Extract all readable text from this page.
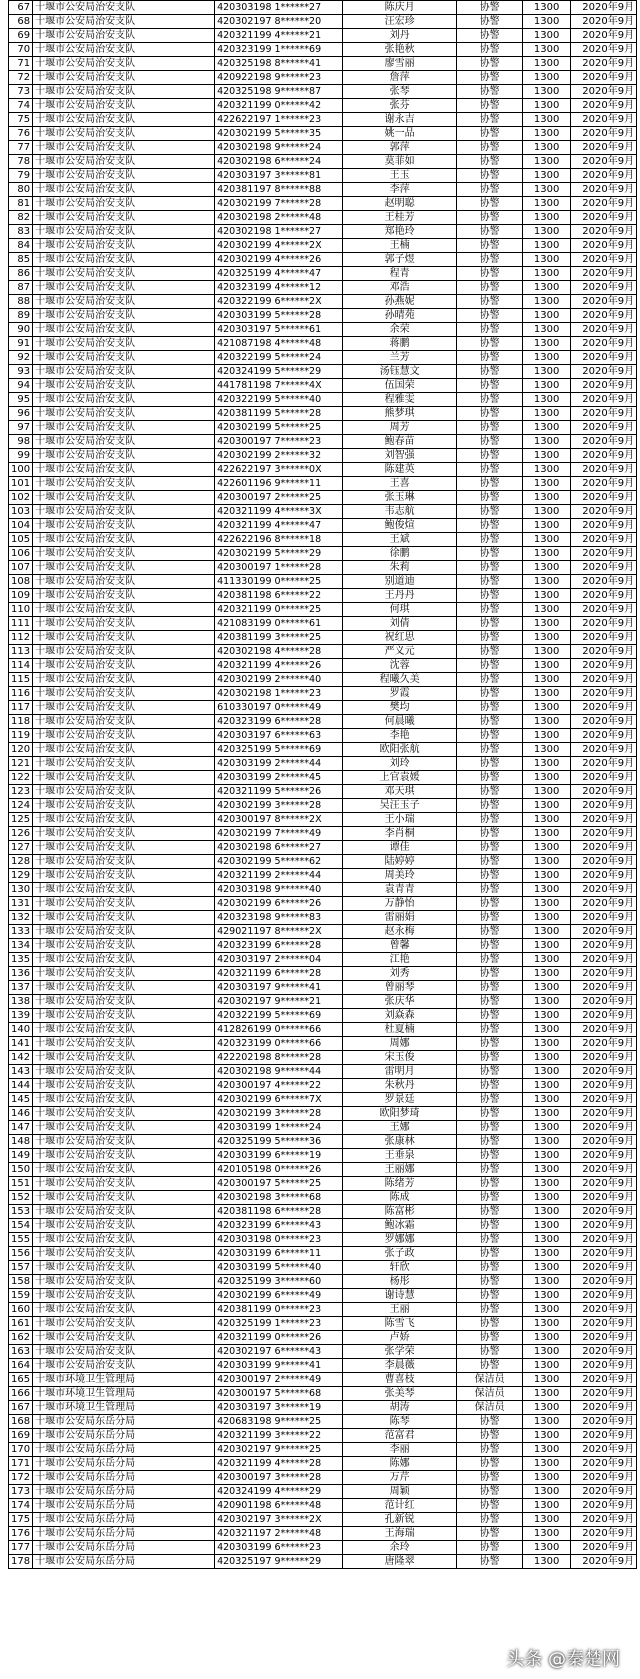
67	十堰市公安局治安支队	420303198 1******27	陈庆月	协警	1300	2020年9月
68	十堰市公安局治安支队	420302197 8******20	汪宏珍	协警	1300	2020年9月
69	十堰市公安局治安支队	420321199 4******21	刘丹	协警	1300	2020年9月
70	十堰市公安局治安支队	420323199 1******69	张艳秋	协警	1300	2020年9月
71	十堰市公安局治安支队	420325198 8******41	廖雪丽	协警	1300	2020年9月
72	十堰市公安局治安支队	420922198 9******23	詹萍	协警	1300	2020年9月
73	十堰市公安局治安支队	420325198 9******87	张琴	协警	1300	2020年9月
74	十堰市公安局治安支队	420321199 0******42	张芬	协警	1300	2020年9月
75	十堰市公安局治安支队	422622197 1******23	谢永吉	协警	1300	2020年9月
76	十堰市公安局治安支队	420302199 5******35	姚一品	协警	1300	2020年9月
77	十堰市公安局治安支队	420302198 9******24	郭萍	协警	1300	2020年9月
78	十堰市公安局治安支队	420302198 6******24	莫菲如	协警	1300	2020年9月
79	十堰市公安局治安支队	420303197 3******81	王玉	协警	1300	2020年9月
80	十堰市公安局治安支队	420381197 8******88	李萍	协警	1300	2020年9月
81	十堰市公安局治安支队	420302199 7******28	赵明聪	协警	1300	2020年9月
82	十堰市公安局治安支队	420302198 2******48	王桂芳	协警	1300	2020年9月
83	十堰市公安局治安支队	420302198 1******27	郑艳玲	协警	1300	2020年9月
84	十堰市公安局治安支队	420302199 4******2X	王楠	协警	1300	2020年9月
85	十堰市公安局治安支队	420302199 4******26	郭子煜	协警	1300	2020年9月
86	十堰市公安局治安支队	420325199 4******47	程青	协警	1300	2020年9月
87	十堰市公安局治安支队	420323199 4******12	邓浩	协警	1300	2020年9月
88	十堰市公安局治安支队	420322199 6******2X	孙燕妮	协警	1300	2020年9月
89	十堰市公安局治安支队	420303199 5******28	孙晴苑	协警	1300	2020年9月
90	十堰市公安局治安支队	420303197 5******61	余荣	协警	1300	2020年9月
91	十堰市公安局治安支队	421087198 4******48	蒋鹏	协警	1300	2020年9月
92	十堰市公安局治安支队	420322199 5******24	兰芳	协警	1300	2020年9月
93	十堰市公安局治安支队	420324199 5******29	汤钰慧文	协警	1300	2020年9月
94	十堰市公安局治安支队	441781198 7******4X	伍国荣	协警	1300	2020年9月
95	十堰市公安局治安支队	420322199 5******40	程雅雯	协警	1300	2020年9月
96	十堰市公安局治安支队	420381199 5******28	熊梦琪	协警	1300	2020年9月
97	十堰市公安局治安支队	420302199 5******25	周芳	协警	1300	2020年9月
98	十堰市公安局治安支队	420300197 7******23	鲍春苗	协警	1300	2020年9月
99	十堰市公安局治安支队	420302199 2******32	刘智强	协警	1300	2020年9月
100	十堰市公安局治安支队	422622197 3******0X	陈建英	协警	1300	2020年9月
101	十堰市公安局治安支队	422601196 9******11	王喜	协警	1300	2020年9月
102	十堰市公安局治安支队	420300197 2******25	张玉琳	协警	1300	2020年9月
103	十堰市公安局治安支队	420321199 4******3X	韦志航	协警	1300	2020年9月
104	十堰市公安局治安支队	420321199 4******47	鲍俊煊	协警	1300	2020年9月
105	十堰市公安局治安支队	422622196 8******18	王斌	协警	1300	2020年9月
106	十堰市公安局治安支队	420302199 5******29	徐鹏	协警	1300	2020年9月
107	十堰市公安局治安支队	420300197 1******28	朱莉	协警	1300	2020年9月
108	十堰市公安局治安支队	411330199 0******25	别道迪	协警	1300	2020年9月
109	十堰市公安局治安支队	420381198 6******22	王丹丹	协警	1300	2020年9月
110	十堰市公安局治安支队	420321199 0******25	何琪	协警	1300	2020年9月
111	十堰市公安局治安支队	421083199 0******61	刘倩	协警	1300	2020年9月
112	十堰市公安局治安支队	420381199 3******25	祝红思	协警	1300	2020年9月
113	十堰市公安局治安支队	420302198 4******28	严义元	协警	1300	2020年9月
114	十堰市公安局治安支队	420321199 4******26	沈蓉	协警	1300	2020年9月
115	十堰市公安局治安支队	420302199 2******40	程曦久美	协警	1300	2020年9月
116	十堰市公安局治安支队	420302198 1******23	罗霞	协警	1300	2020年9月
117	十堰市公安局治安支队	610330197 0******49	樊均	协警	1300	2020年9月
118	十堰市公安局治安支队	420323199 6******28	何晨曦	协警	1300	2020年9月
119	十堰市公安局治安支队	420303197 6******63	李艳	协警	1300	2020年9月
120	十堰市公安局治安支队	420325199 5******69	欧阳张航	协警	1300	2020年9月
121	十堰市公安局治安支队	420303199 2******44	刘玲	协警	1300	2020年9月
122	十堰市公安局治安支队	420303199 2******45	上官袁媛	协警	1300	2020年9月
123	十堰市公安局治安支队	420321199 5******26	邓天琪	协警	1300	2020年9月
124	十堰市公安局治安支队	420302199 3******28	吴汪玉子	协警	1300	2020年9月
125	十堰市公安局治安支队	420300197 8******2X	王小瑞	协警	1300	2020年9月
126	十堰市公安局治安支队	420302199 7******49	李肖桐	协警	1300	2020年9月
127	十堰市公安局治安支队	420302198 6******27	谭佳	协警	1300	2020年9月
128	十堰市公安局治安支队	420302199 5******62	陆婷婷	协警	1300	2020年9月
129	十堰市公安局治安支队	420321199 2******44	周美玲	协警	1300	2020年9月
130	十堰市公安局治安支队	420303198 9******40	袁青青	协警	1300	2020年9月
131	十堰市公安局治安支队	420302199 6******26	万静怡	协警	1300	2020年9月
132	十堰市公安局治安支队	420323198 9******83	雷丽娟	协警	1300	2020年9月
133	十堰市公安局治安支队	429021197 8******2X	赵永梅	协警	1300	2020年9月
134	十堰市公安局治安支队	420323199 6******28	曾馨	协警	1300	2020年9月
135	十堰市公安局治安支队	420303197 2******04	江艳	协警	1300	2020年9月
136	十堰市公安局治安支队	420321199 6******28	刘秀	协警	1300	2020年9月
137	十堰市公安局治安支队	420303197 9******41	曾丽琴	协警	1300	2020年9月
138	十堰市公安局治安支队	420302197 9******21	张庆华	协警	1300	2020年9月
139	十堰市公安局治安支队	420322199 5******69	刘焱森	协警	1300	2020年9月
140	十堰市公安局治安支队	412826199 0******66	杜夏楠	协警	1300	2020年9月
141	十堰市公安局治安支队	420323199 0******66	周娜	协警	1300	2020年9月
142	十堰市公安局治安支队	422202198 8******28	宋玉俊	协警	1300	2020年9月
143	十堰市公安局治安支队	420302198 9******44	雷明月	协警	1300	2020年9月
144	十堰市公安局治安支队	420300197 4******22	朱秋丹	协警	1300	2020年9月
145	十堰市公安局治安支队	420302199 6******7X	罗景廷	协警	1300	2020年9月
146	十堰市公安局治安支队	420302199 3******28	欧阳梦琦	协警	1300	2020年9月
147	十堰市公安局治安支队	420303199 1******24	王娜	协警	1300	2020年9月
148	十堰市公安局治安支队	420325199 5******36	张康林	协警	1300	2020年9月
149	十堰市公安局治安支队	420303199 6******19	王垂泉	协警	1300	2020年9月
150	十堰市公安局治安支队	420105198 0******26	王丽娜	协警	1300	2020年9月
151	十堰市公安局治安支队	420300197 5******25	陈绪芳	协警	1300	2020年9月
152	十堰市公安局治安支队	420302198 3******68	陈成	协警	1300	2020年9月
153	十堰市公安局治安支队	420381198 6******28	陈富彬	协警	1300	2020年9月
154	十堰市公安局治安支队	420323199 6******43	鲍冰霜	协警	1300	2020年9月
155	十堰市公安局治安支队	420303198 0******23	罗娜娜	协警	1300	2020年9月
156	十堰市公安局治安支队	420303199 6******11	张子政	协警	1300	2020年9月
157	十堰市公安局治安支队	420303199 5******40	轩欣	协警	1300	2020年9月
158	十堰市公安局治安支队	420325199 3******60	杨彤	协警	1300	2020年9月
159	十堰市公安局治安支队	420302199 6******49	谢诗慧	协警	1300	2020年9月
160	十堰市公安局治安支队	420381199 0******23	王丽	协警	1300	2020年9月
161	十堰市公安局治安支队	420325199 1******23	陈雪飞	协警	1300	2020年9月
162	十堰市公安局治安支队	420321199 0******26	卢娇	协警	1300	2020年9月
163	十堰市公安局治安支队	420302197 6******43	张学荣	协警	1300	2020年9月
164	十堰市公安局治安支队	420303199 9******41	李晨薇	协警	1300	2020年9月
165	十堰市环境卫生管理局	420300197 2******49	曹喜枝	保洁员	1300	2020年9月
166	十堰市环境卫生管理局	420300197 5******68	张美琴	保洁员	1300	2020年9月
167	十堰市环境卫生管理局	420303197 3******19	胡涛	保洁员	1300	2020年9月
168	十堰市公安局东岳分局	420683198 9******25	陈琴	协警	1300	2020年9月
169	十堰市公安局东岳分局	420321199 3******22	范富君	协警	1300	2020年9月
170	十堰市公安局东岳分局	420302197 9******25	李丽	协警	1300	2020年9月
171	十堰市公安局东岳分局	420321199 4******28	陈娜	协警	1300	2020年9月
172	十堰市公安局东岳分局	420300197 3******28	万芹	协警	1300	2020年9月
173	十堰市公安局东岳分局	420324199 4******29	周颖	协警	1300	2020年9月
174	十堰市公安局东岳分局	420901198 6******48	范计红	协警	1300	2020年9月
175	十堰市公安局东岳分局	420302197 3******2X	孔新锐	协警	1300	2020年9月
176	十堰市公安局东岳分局	420321197 2******48	王海瑞	协警	1300	2020年9月
177	十堰市公安局东岳分局	420303199 6******23	余玲	协警	1300	2020年9月
178	十堰市公安局东岳分局	420325197 9******29	唐隆翠	协警	1300	2020年9月
头条 @秦楚网
